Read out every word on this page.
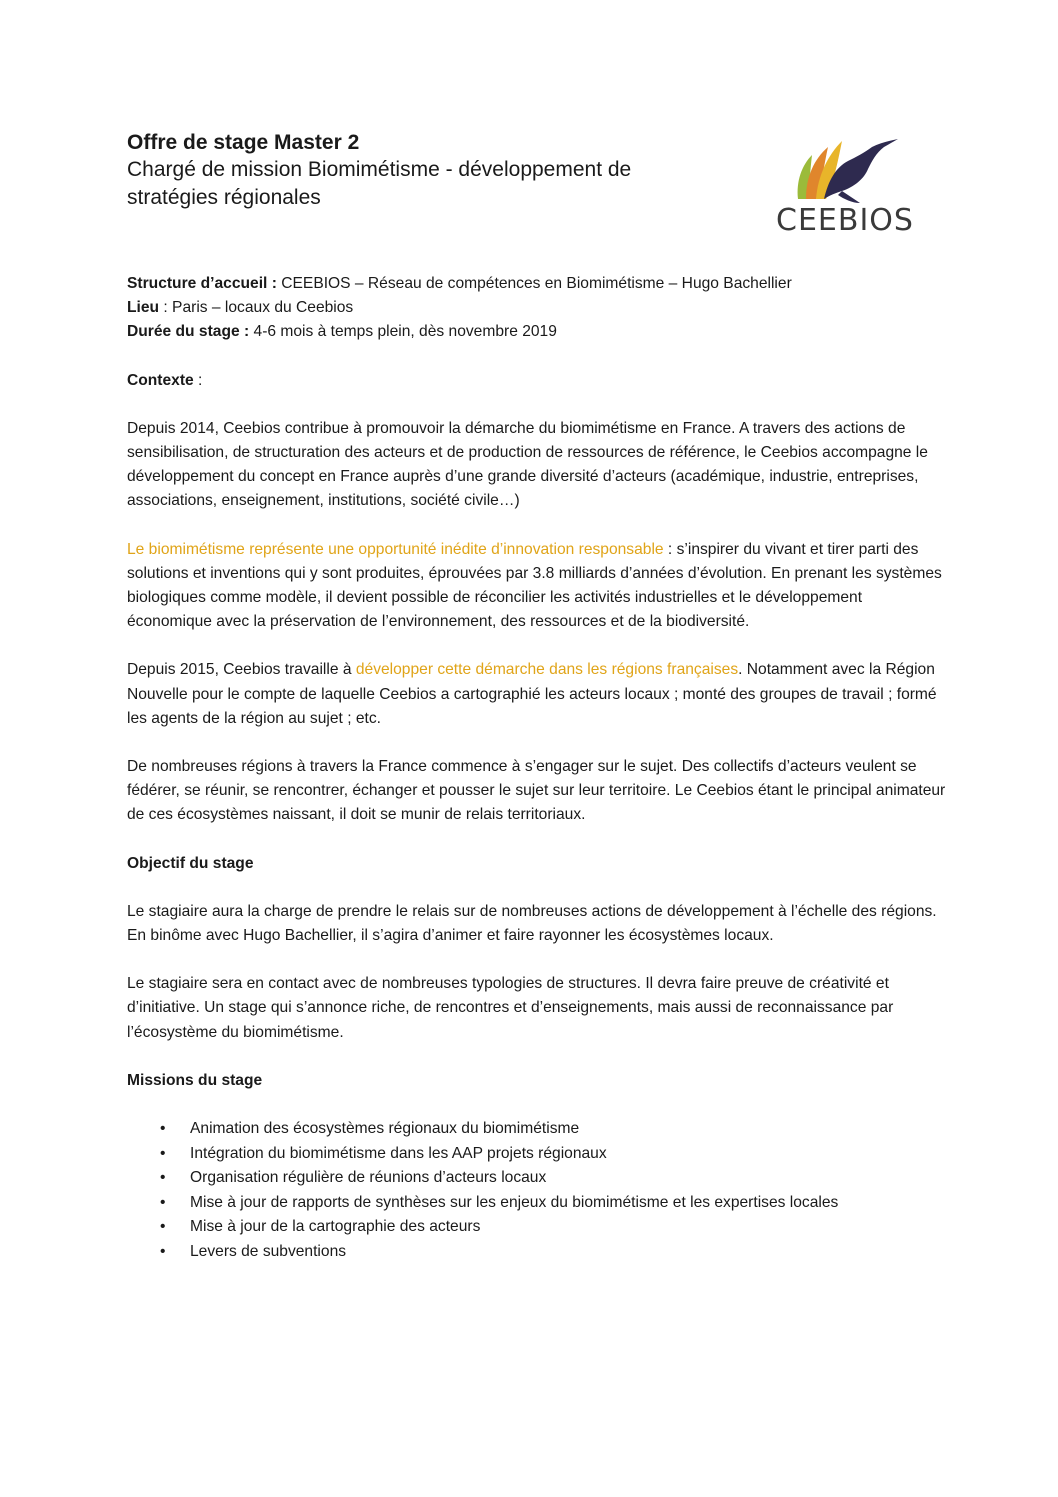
Offre de stage Master 2

Chargé de mission Biomimétisme - développement de

stratégies régionales

CEEBIOS

Structure d’accueil : CEEBIOS – Réseau de compétences en Biomimétisme – Hugo Bachellier

Lieu : Paris – locaux du Ceebios

Durée du stage : 4-6 mois à temps plein, dès novembre 2019

Contexte :

Depuis 2014, Ceebios contribue à promouvoir la démarche du biomimétisme en France. A travers des actions de sensibilisation, de structuration des acteurs et de production de ressources de référence, le Ceebios accompagne le développement du concept en France auprès d’une grande diversité d’acteurs (académique, industrie, entreprises, associations, enseignement, institutions, société civile…)

Le biomimétisme représente une opportunité inédite d’innovation responsable : s’inspirer du vivant et tirer parti des solutions et inventions qui y sont produites, éprouvées par 3.8 milliards d’années d’évolution. En prenant les systèmes biologiques comme modèle, il devient possible de réconcilier les activités industrielles et le développement économique avec la préservation de l’environnement, des ressources et de la biodiversité.

Depuis 2015, Ceebios travaille à développer cette démarche dans les régions françaises. Notamment avec la Région Nouvelle pour le compte de laquelle Ceebios a cartographié les acteurs locaux ; monté des groupes de travail ; formé les agents de la région au sujet ; etc.

De nombreuses régions à travers la France commence à s’engager sur le sujet. Des collectifs d’acteurs veulent se fédérer, se réunir, se rencontrer, échanger et pousser le sujet sur leur territoire. Le Ceebios étant le principal animateur de ces écosystèmes naissant, il doit se munir de relais territoriaux.

Objectif du stage

Le stagiaire aura la charge de prendre le relais sur de nombreuses actions de développement à l’échelle des régions. En binôme avec Hugo Bachellier, il s’agira d’animer et faire rayonner les écosystèmes locaux.

Le stagiaire sera en contact avec de nombreuses typologies de structures. Il devra faire preuve de créativité et d’initiative. Un stage qui s’annonce riche, de rencontres et d’enseignements, mais aussi de reconnaissance par l’écosystème du biomimétisme.

Missions du stage

• Animation des écosystèmes régionaux du biomimétisme
• Intégration du biomimétisme dans les AAP projets régionaux
• Organisation régulière de réunions d’acteurs locaux
• Mise à jour de rapports de synthèses sur les enjeux du biomimétisme et les expertises locales
• Mise à jour de la cartographie des acteurs
• Levers de subventions
